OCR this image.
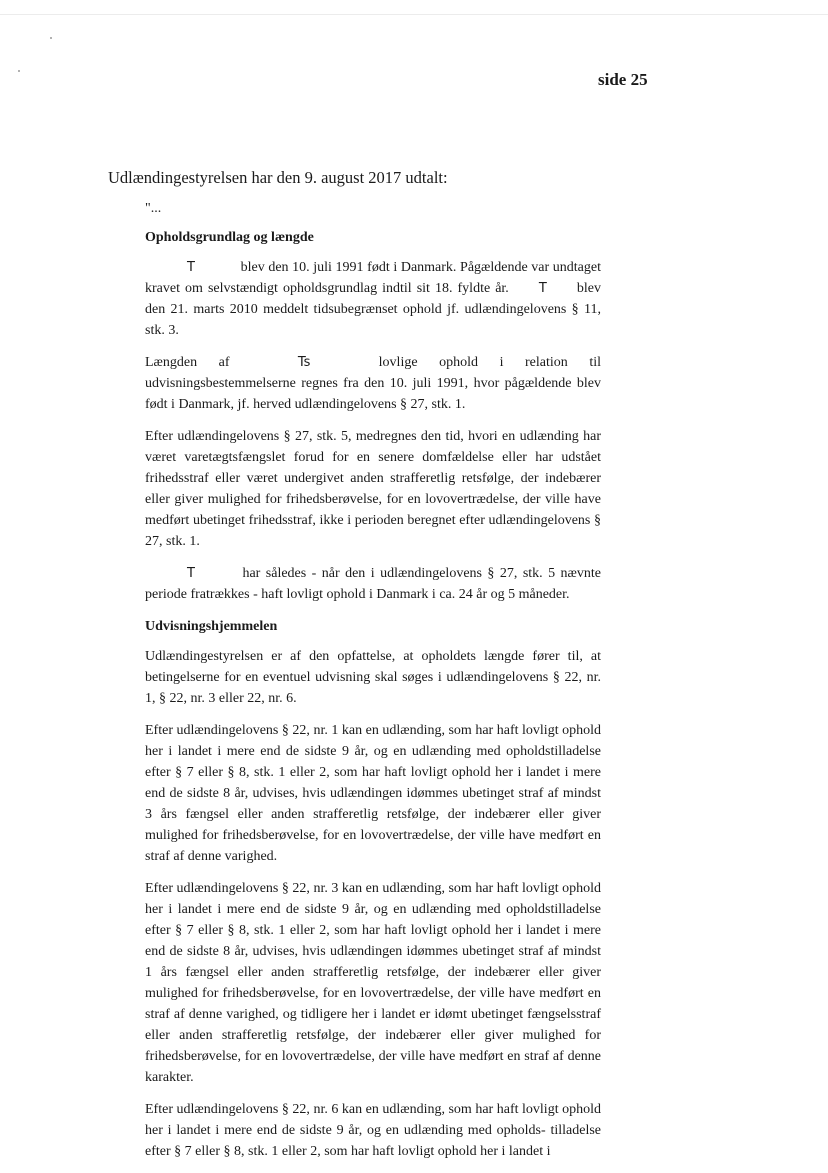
side 25

Udlændingestyrelsen har den 9. august 2017 udtalt:

"...

Opholdsgrundlag og længde

T	blev den 10. juli 1991 født i Danmark. Pågældende var undtaget kravet om selvstændigt opholdsgrundlag indtil sit 18. fyldte år. T blev den 21. marts 2010 meddelt tidsubegrænset ophold jf. udlændingelovens § 11, stk. 3.

Længden af	Ts	lovlige ophold i relation til udvisningsbestemmelserne regnes fra den 10. juli 1991, hvor pågældende blev født i Danmark, jf. herved udlændingelovens § 27, stk. 1.

Efter udlændingelovens § 27, stk. 5, medregnes den tid, hvori en udlænding har været varetægtsfængslet forud for en senere domfældelse eller har udstået frihedsstraf eller været undergivet anden strafferetlig retsfølge, der indebærer eller giver mulighed for frihedsberøvelse, for en lovovertrædelse, der ville have medført ubetinget frihedsstraf, ikke i perioden beregnet efter udlændingelovens § 27, stk. 1.

T	har således - når den i udlændingelovens § 27, stk. 5 nævnte periode fratrækkes - haft lovligt ophold i Danmark i ca. 24 år og 5 måneder.

Udvisningshjemmelen

Udlændingestyrelsen er af den opfattelse, at opholdets længde fører til, at betingelserne for en eventuel udvisning skal søges i udlændingelovens § 22, nr. 1, § 22, nr. 3 eller 22, nr. 6.

Efter udlændingelovens § 22, nr. 1 kan en udlænding, som har haft lovligt ophold her i landet i mere end de sidste 9 år, og en udlænding med opholdstilladelse efter § 7 eller § 8, stk. 1 eller 2, som har haft lovligt ophold her i landet i mere end de sidste 8 år, udvises, hvis udlændingen idømmes ubetinget straf af mindst 3 års fængsel eller anden strafferetlig retsfølge, der indebærer eller giver mulighed for frihedsberøvelse, for en lovovertrædelse, der ville have medført en straf af denne varighed.

Efter udlændingelovens § 22, nr. 3 kan en udlænding, som har haft lovligt ophold her i landet i mere end de sidste 9 år, og en udlænding med opholdstilladelse efter § 7 eller § 8, stk. 1 eller 2, som har haft lovligt ophold her i landet i mere end de sidste 8 år, udvises, hvis udlændingen idømmes ubetinget straf af mindst 1 års fængsel eller anden strafferetlig retsfølge, der indebærer eller giver mulighed for frihedsberøvelse, for en lovovertrædelse, der ville have medført en straf af denne varighed, og tidligere her i landet er idømt ubetinget fængselsstraf eller anden strafferetlig retsfølge, der indebærer eller giver mulighed for frihedsberøvelse, for en lovovertrædelse, der ville have medført en straf af denne karakter.

Efter udlændingelovens § 22, nr. 6 kan en udlænding, som har haft lovligt ophold her i landet i mere end de sidste 9 år, og en udlænding med opholds- tilladelse efter § 7 eller § 8, stk. 1 eller 2, som har haft lovligt ophold her i landet i
